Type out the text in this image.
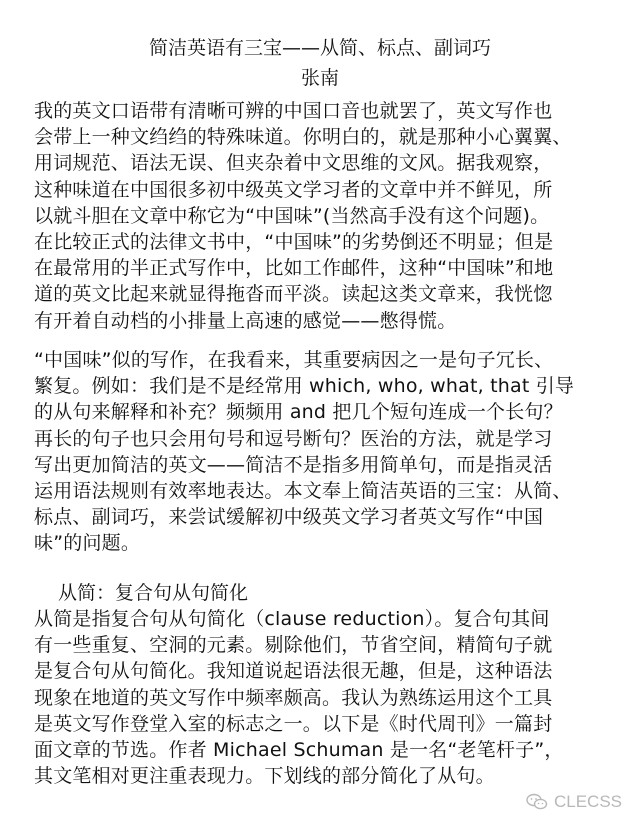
简洁英语有三宝——从简、标点、副词巧
张南
我的英文口语带有清晰可辨的中国口音也就罢了，英文写作也
会带上一种文绉绉的特殊味道。你明白的，就是那种小心翼翼、
用词规范、语法无误、但夹杂着中文思维的文风。据我观察，
这种味道在中国很多初中级英文学习者的文章中并不鲜见，所
以就斗胆在文章中称它为“中国味”(当然高手没有这个问题)。
在比较正式的法律文书中，“中国味”的劣势倒还不明显；但是
在最常用的半正式写作中，比如工作邮件，这种“中国味”和地
道的英文比起来就显得拖沓而平淡。读起这类文章来，我恍惚
有开着自动档的小排量上高速的感觉——憋得慌。
“中国味”似的写作，在我看来，其重要病因之一是句子冗长、
繁复。例如：我们是不是经常用 which, who, what, that 引导
的从句来解释和补充？频频用 and 把几个短句连成一个长句？
再长的句子也只会用句号和逗号断句？医治的方法，就是学习
写出更加简洁的英文——简洁不是指多用简单句，而是指灵活
运用语法规则有效率地表达。本文奉上简洁英语的三宝：从简、
标点、副词巧，来尝试缓解初中级英文学习者英文写作“中国
味”的问题。
从简：复合句从句简化
从简是指复合句从句简化（clause reduction）。复合句其间
有一些重复、空洞的元素。剔除他们，节省空间，精简句子就
是复合句从句简化。我知道说起语法很无趣，但是，这种语法
现象在地道的英文写作中频率颇高。我认为熟练运用这个工具
是英文写作登堂入室的标志之一。以下是《时代周刊》一篇封
面文章的节选。作者 Michael Schuman 是一名“老笔杆子”，
其文笔相对更注重表现力。下划线的部分简化了从句。
CLECSS
